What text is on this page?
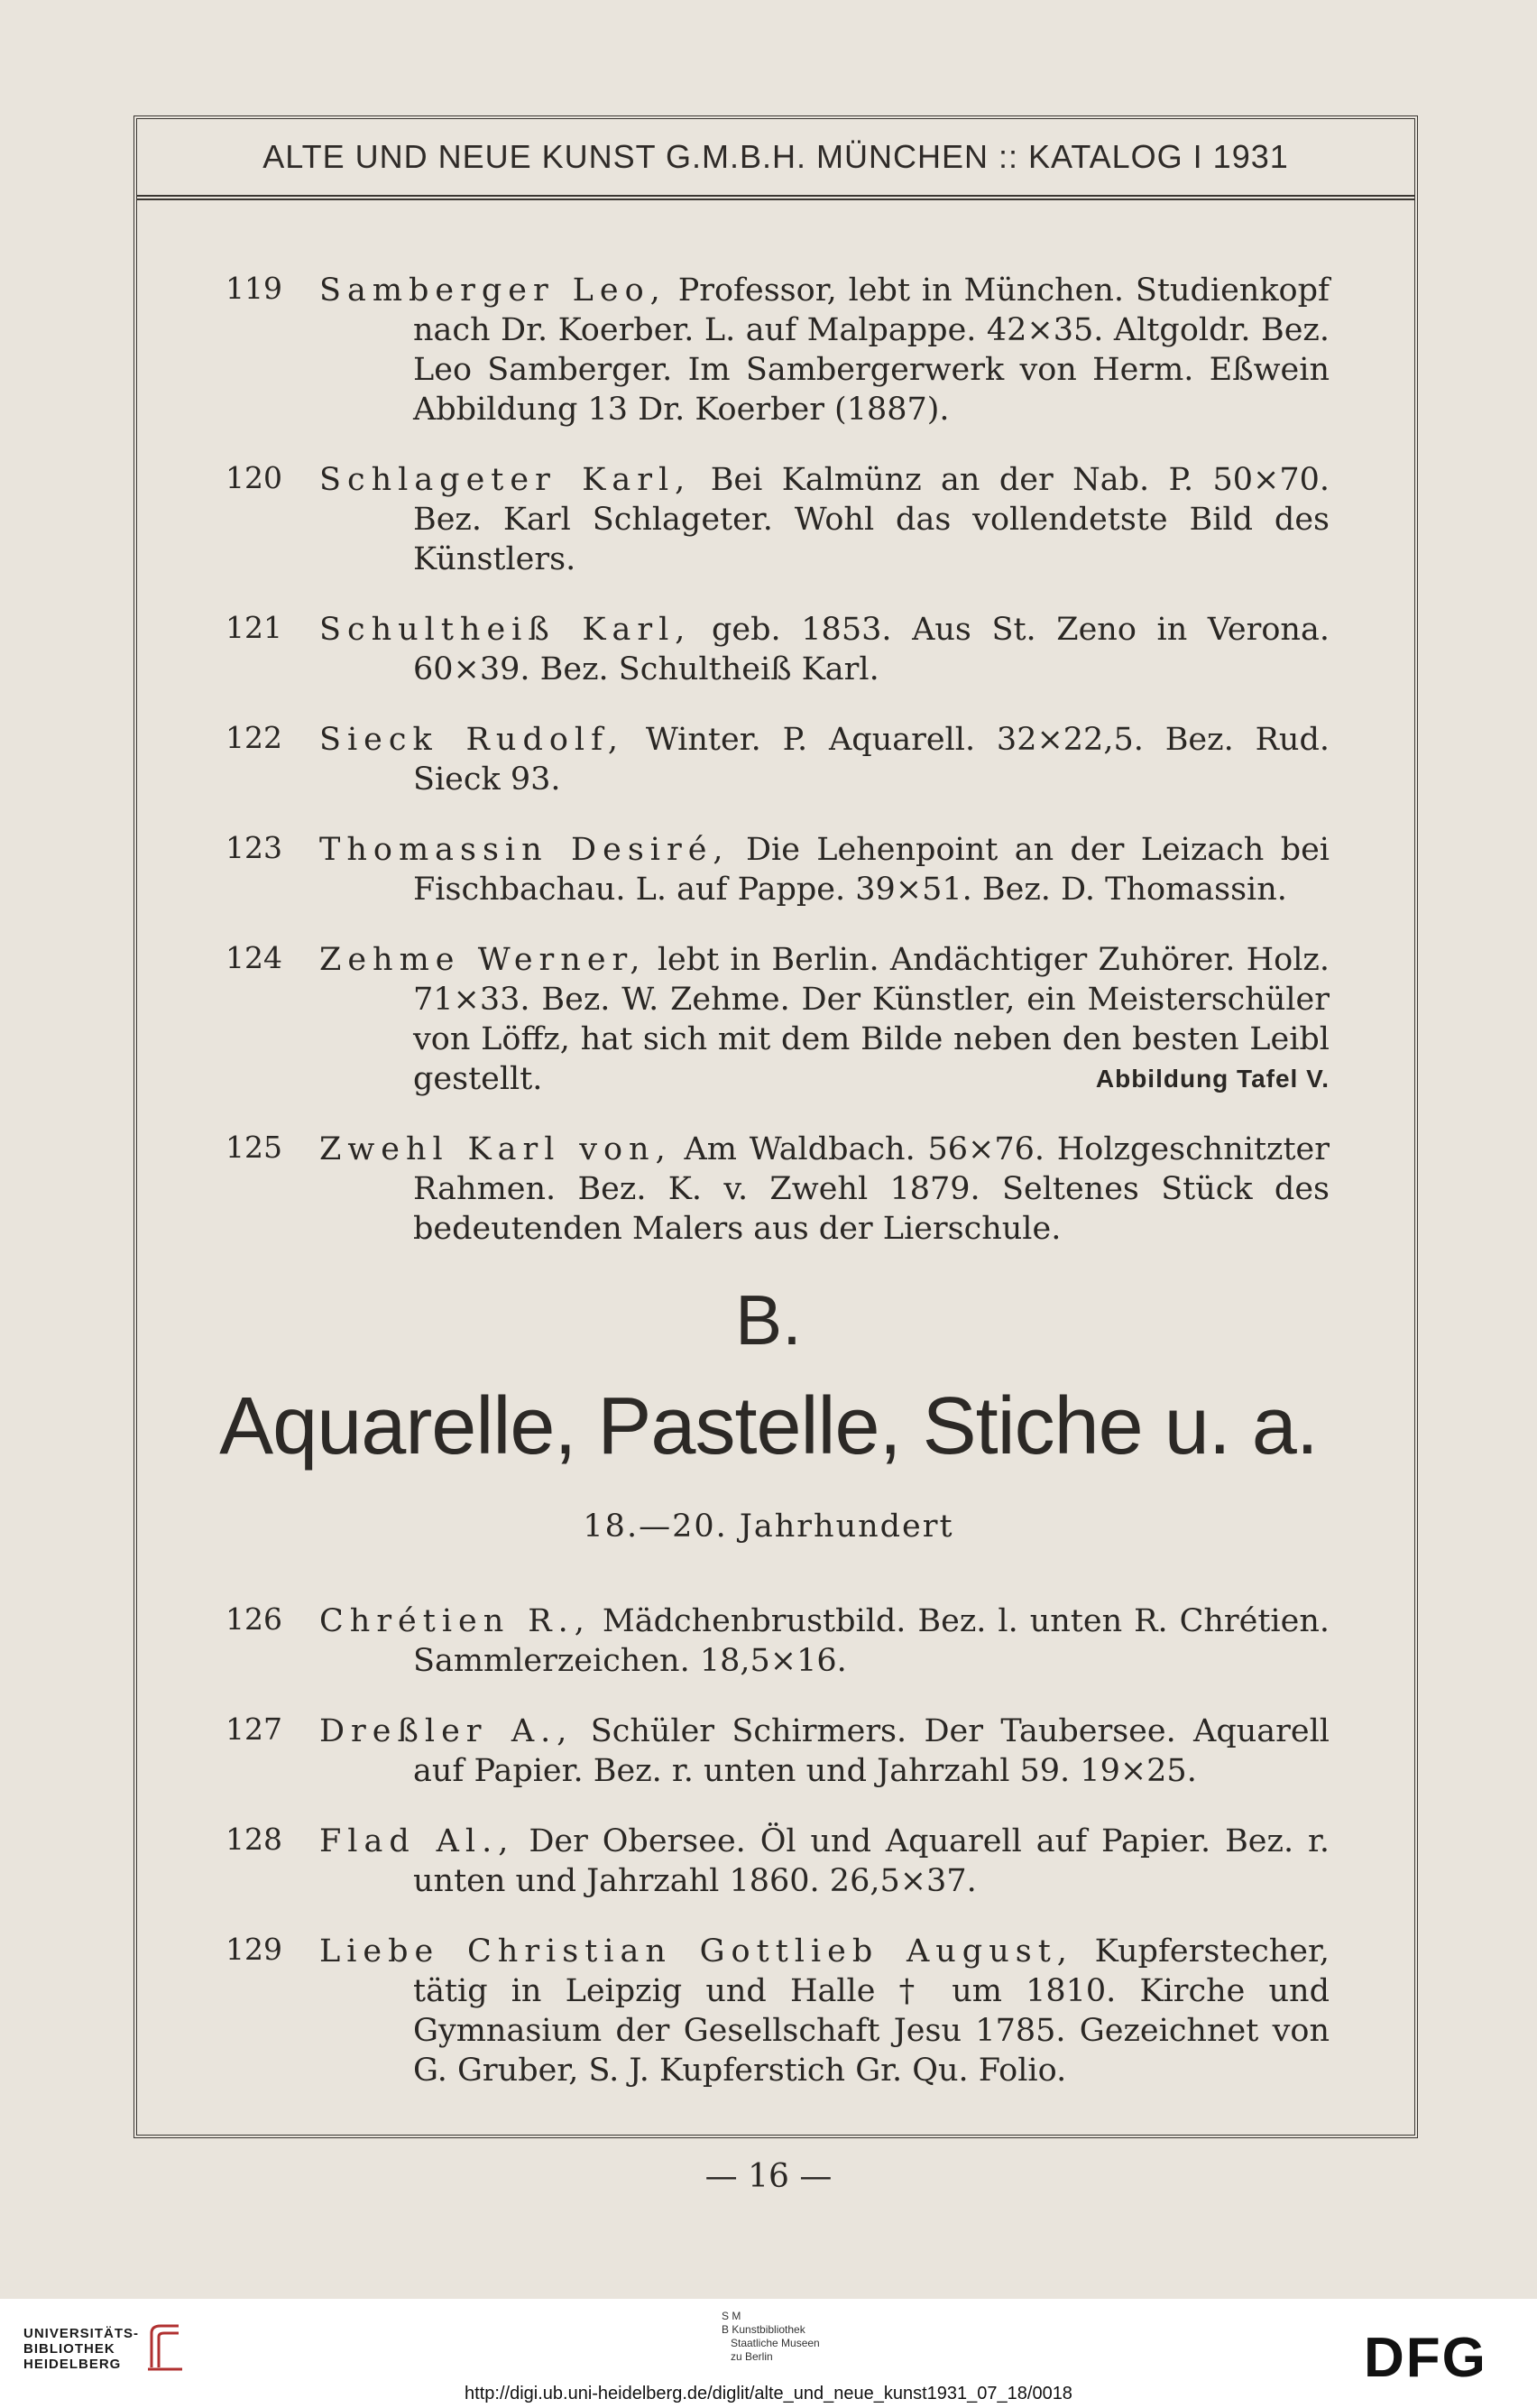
ALTE UND NEUE KUNST G.M.B.H. MÜNCHEN :: KATALOG I 1931
119	Samberger Leo, Professor, lebt in München. Studienkopf nach Dr. Koerber. L. auf Malpappe. 42×35. Altgoldr. Bez. Leo Samberger. Im Sambergerwerk von Herm. Eßwein Abbildung 13 Dr. Koerber (1887).
120	Schlageter Karl, Bei Kalmünz an der Nab. P. 50×70. Bez. Karl Schlageter. Wohl das vollendetste Bild des Künstlers.
121	Schultheiß Karl, geb. 1853. Aus St. Zeno in Verona. 60×39. Bez. Schultheiß Karl.
122	Sieck Rudolf, Winter. P. Aquarell. 32×22,5. Bez. Rud. Sieck 93.
123	Thomassin Desiré, Die Lehenpoint an der Leizach bei Fischbachau. L. auf Pappe. 39×51. Bez. D. Thomassin.
124	Zehme Werner, lebt in Berlin. Andächtiger Zuhörer. Holz. 71×33. Bez. W. Zehme. Der Künstler, ein Meisterschüler von Löffz, hat sich mit dem Bilde neben den besten Leibl gestellt.	Abbildung Tafel V.
125	Zwehl Karl von, Am Waldbach. 56×76. Holzgeschnitzter Rahmen. Bez. K. v. Zwehl 1879. Seltenes Stück des bedeutenden Malers aus der Lierschule.
B.
Aquarelle, Pastelle, Stiche u. a.
18.—20. Jahrhundert
126	Chrétien R., Mädchenbrustbild. Bez. l. unten R. Chrétien. Sammlerzeichen. 18,5×16.
127	Dreßler A., Schüler Schirmers. Der Taubersee. Aquarell auf Papier. Bez. r. unten und Jahrzahl 59. 19×25.
128	Flad Al., Der Obersee. Öl und Aquarell auf Papier. Bez. r. unten und Jahrzahl 1860. 26,5×37.
129	Liebe Christian Gottlieb August, Kupferstecher, tätig in Leipzig und Halle † um 1810. Kirche und Gymnasium der Gesellschaft Jesu 1785. Gezeichnet von G. Gruber, S. J. Kupferstich Gr. Qu. Folio.
— 16 —
UNIVERSITÄTS-
BIBLIOTHEK
HEIDELBERG
S M
B Kunstbibliothek
Staatliche Museen
zu Berlin	DFG
http://digi.ub.uni-heidelberg.de/diglit/alte_und_neue_kunst1931_07_18/0018
